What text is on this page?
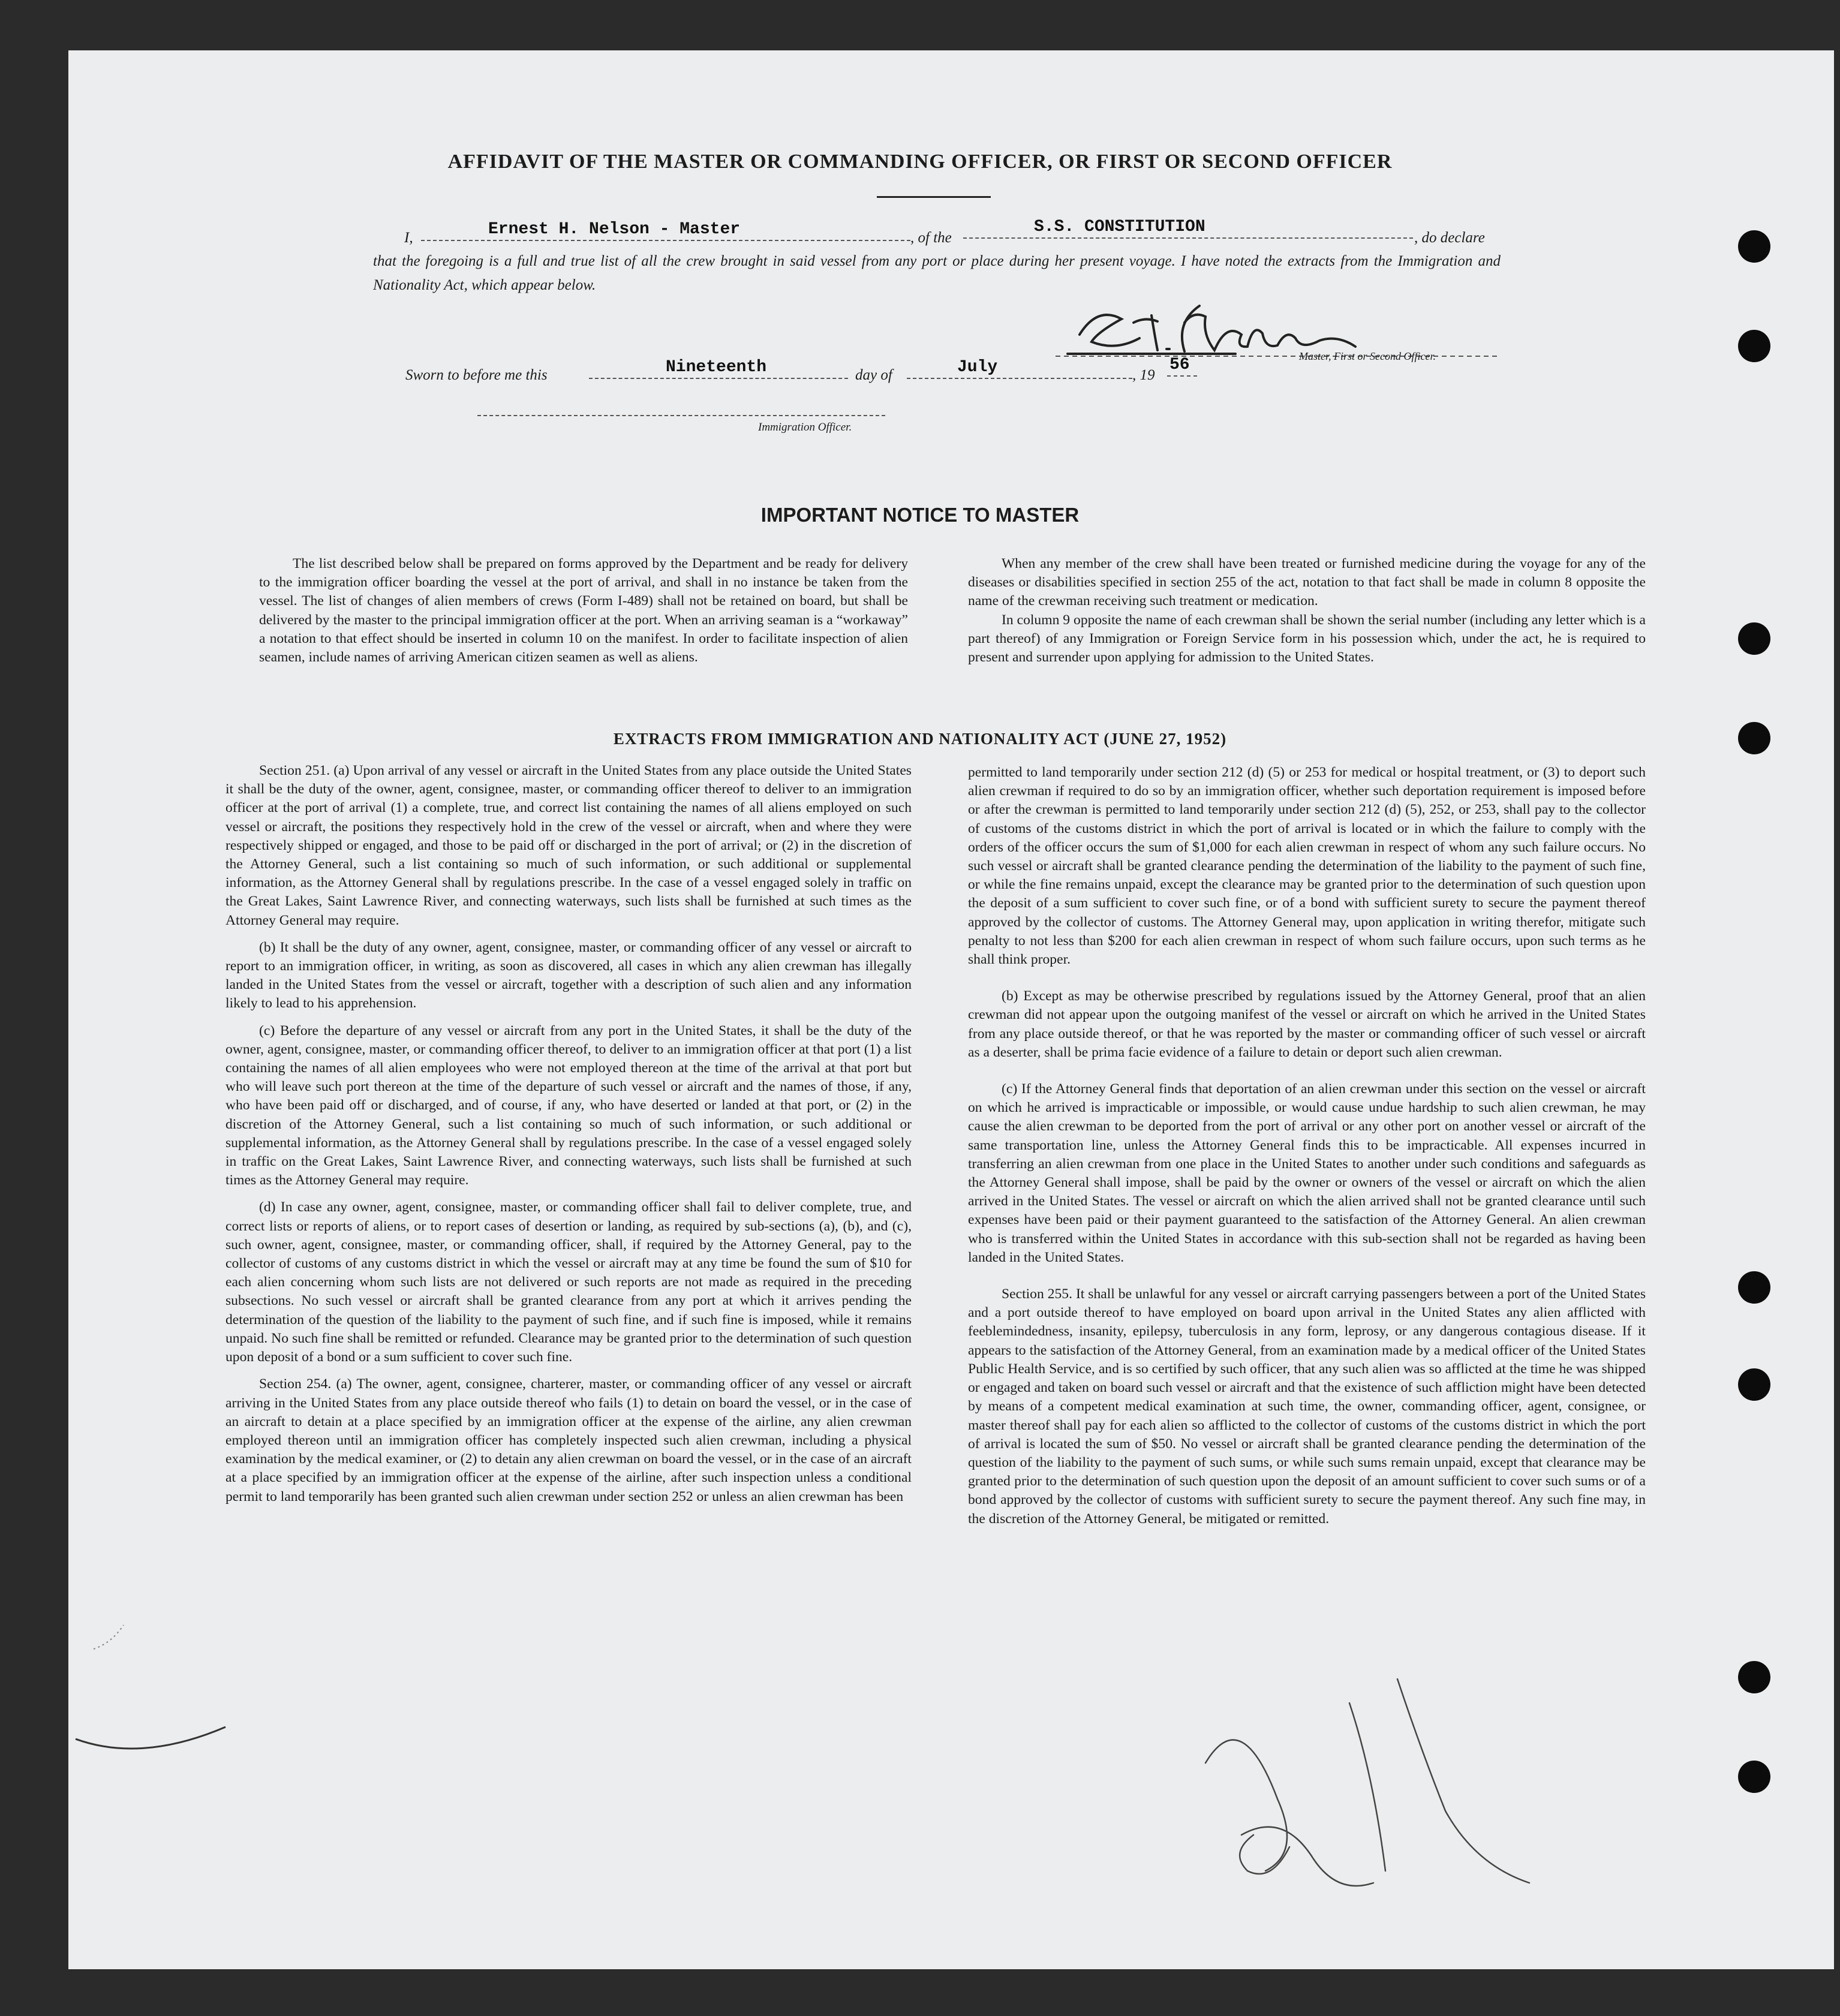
AFFIDAVIT OF THE MASTER OR COMMANDING OFFICER, OR FIRST OR SECOND OFFICER
I,	Ernest H. Nelson - Master	, of the
S.S. CONSTITUTION
, do declare
that the foregoing is a full and true list of all the crew brought in said vessel from any port or place during her present voyage. I have noted the extracts from the Immigration and Nationality Act, which appear below.
Master, First or Second Officer.
Sworn to before me this	Nineteenth	day of	July	, 19
56
Immigration Officer.
IMPORTANT NOTICE TO MASTER

The list described below shall be prepared on forms approved by the Department and be ready for delivery to the immigration officer boarding the vessel at the port of arrival, and shall in no instance be taken from the vessel. The list of changes of alien members of crews (Form I-489) shall not be retained on board, but shall be delivered by the master to the principal immigration officer at the port. When an arriving seaman is a “workaway” a notation to that effect should be inserted in column 10 on the manifest. In order to facilitate inspection of alien seamen, include names of arriving American citizen seamen as well as aliens.

When any member of the crew shall have been treated or furnished medicine during the voyage for any of the diseases or disabilities specified in section 255 of the act, notation to that fact shall be made in column 8 opposite the name of the crewman receiving such treatment or medication.

In column 9 opposite the name of each crewman shall be shown the serial number (including any letter which is a part thereof) of any Immigration or Foreign Service form in his possession which, under the act, he is required to present and surrender upon applying for admission to the United States.

EXTRACTS FROM IMMIGRATION AND NATIONALITY ACT (JUNE 27, 1952)

Section 251. (a) Upon arrival of any vessel or aircraft in the United States from any place outside the United States it shall be the duty of the owner, agent, consignee, master, or commanding officer thereof to deliver to an immigration officer at the port of arrival (1) a complete, true, and correct list containing the names of all aliens employed on such vessel or aircraft, the positions they respectively hold in the crew of the vessel or aircraft, when and where they were respectively shipped or engaged, and those to be paid off or discharged in the port of arrival; or (2) in the discretion of the Attorney General, such a list containing so much of such information, or such additional or supplemental information, as the Attorney General shall by regulations prescribe. In the case of a vessel engaged solely in traffic on the Great Lakes, Saint Lawrence River, and connecting waterways, such lists shall be furnished at such times as the Attorney General may require.

(b) It shall be the duty of any owner, agent, consignee, master, or commanding officer of any vessel or aircraft to report to an immigration officer, in writing, as soon as discovered, all cases in which any alien crewman has illegally landed in the United States from the vessel or aircraft, together with a description of such alien and any information likely to lead to his apprehension.

(c) Before the departure of any vessel or aircraft from any port in the United States, it shall be the duty of the owner, agent, consignee, master, or commanding officer thereof, to deliver to an immigration officer at that port (1) a list containing the names of all alien employees who were not employed thereon at the time of the arrival at that port but who will leave such port thereon at the time of the departure of such vessel or aircraft and the names of those, if any, who have been paid off or discharged, and of course, if any, who have deserted or landed at that port, or (2) in the discretion of the Attorney General, such a list containing so much of such information, or such additional or supplemental information, as the Attorney General shall by regulations prescribe. In the case of a vessel engaged solely in traffic on the Great Lakes, Saint Lawrence River, and connecting waterways, such lists shall be furnished at such times as the Attorney General may require.

(d) In case any owner, agent, consignee, master, or commanding officer shall fail to deliver complete, true, and correct lists or reports of aliens, or to report cases of desertion or landing, as required by sub-sections (a), (b), and (c), such owner, agent, consignee, master, or commanding officer, shall, if required by the Attorney General, pay to the collector of customs of any customs district in which the vessel or aircraft may at any time be found the sum of $10 for each alien concerning whom such lists are not delivered or such reports are not made as required in the preceding subsections. No such vessel or aircraft shall be granted clearance from any port at which it arrives pending the determination of the question of the liability to the payment of such fine, and if such fine is imposed, while it remains unpaid. No such fine shall be remitted or refunded. Clearance may be granted prior to the determination of such question upon deposit of a bond or a sum sufficient to cover such fine.

Section 254. (a) The owner, agent, consignee, charterer, master, or commanding officer of any vessel or aircraft arriving in the United States from any place outside thereof who fails (1) to detain on board the vessel, or in the case of an aircraft to detain at a place specified by an immigration officer at the expense of the airline, any alien crewman employed thereon until an immigration officer has completely inspected such alien crewman, including a physical examination by the medical examiner, or (2) to detain any alien crewman on board the vessel, or in the case of an aircraft at a place specified by an immigration officer at the expense of the airline, after such inspection unless a conditional permit to land temporarily has been granted such alien crewman under section 252 or unless an alien crewman has been

permitted to land temporarily under section 212 (d) (5) or 253 for medical or hospital treatment, or (3) to deport such alien crewman if required to do so by an immigration officer, whether such deportation requirement is imposed before or after the crewman is permitted to land temporarily under section 212 (d) (5), 252, or 253, shall pay to the collector of customs of the customs district in which the port of arrival is located or in which the failure to comply with the orders of the officer occurs the sum of $1,000 for each alien crewman in respect of whom any such failure occurs. No such vessel or aircraft shall be granted clearance pending the determination of the liability to the payment of such fine, or while the fine remains unpaid, except the clearance may be granted prior to the determination of such question upon the deposit of a sum sufficient to cover such fine, or of a bond with sufficient surety to secure the payment thereof approved by the collector of customs. The Attorney General may, upon application in writing therefor, mitigate such penalty to not less than $200 for each alien crewman in respect of whom such failure occurs, upon such terms as he shall think proper.

(b) Except as may be otherwise prescribed by regulations issued by the Attorney General, proof that an alien crewman did not appear upon the outgoing manifest of the vessel or aircraft on which he arrived in the United States from any place outside thereof, or that he was reported by the master or commanding officer of such vessel or aircraft as a deserter, shall be prima facie evidence of a failure to detain or deport such alien crewman.

(c) If the Attorney General finds that deportation of an alien crewman under this section on the vessel or aircraft on which he arrived is impracticable or impossible, or would cause undue hardship to such alien crewman, he may cause the alien crewman to be deported from the port of arrival or any other port on another vessel or aircraft of the same transportation line, unless the Attorney General finds this to be impracticable. All expenses incurred in transferring an alien crewman from one place in the United States to another under such conditions and safeguards as the Attorney General shall impose, shall be paid by the owner or owners of the vessel or aircraft on which the alien arrived in the United States. The vessel or aircraft on which the alien arrived shall not be granted clearance until such expenses have been paid or their payment guaranteed to the satisfaction of the Attorney General. An alien crewman who is transferred within the United States in accordance with this sub-section shall not be regarded as having been landed in the United States.

Section 255. It shall be unlawful for any vessel or aircraft carrying passengers between a port of the United States and a port outside thereof to have employed on board upon arrival in the United States any alien afflicted with feeblemindedness, insanity, epilepsy, tuberculosis in any form, leprosy, or any dangerous contagious disease. If it appears to the satisfaction of the Attorney General, from an examination made by a medical officer of the United States Public Health Service, and is so certified by such officer, that any such alien was so afflicted at the time he was shipped or engaged and taken on board such vessel or aircraft and that the existence of such affliction might have been detected by means of a competent medical examination at such time, the owner, commanding officer, agent, consignee, or master thereof shall pay for each alien so afflicted to the collector of customs of the customs district in which the port of arrival is located the sum of $50. No vessel or aircraft shall be granted clearance pending the determination of the question of the liability to the payment of such sums, or while such sums remain unpaid, except that clearance may be granted prior to the determination of such question upon the deposit of an amount sufficient to cover such sums or of a bond approved by the collector of customs with sufficient surety to secure the payment thereof. Any such fine may, in the discretion of the Attorney General, be mitigated or remitted.
